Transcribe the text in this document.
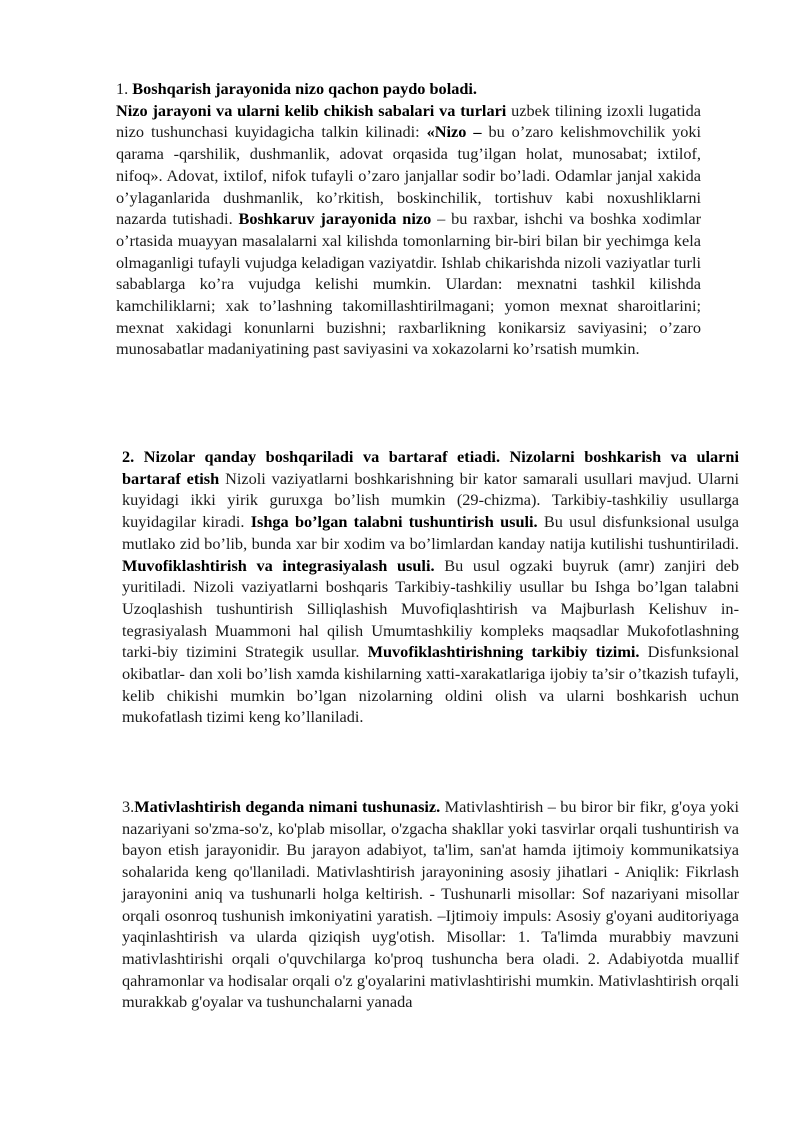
1. Boshqarish jarayonida nizo qachon paydo boladi.
Nizo jarayoni va ularni kelib chikish sabalari va turlari uzbek tilining izoxli lugatida nizo tushunchasi kuyidagicha talkin kilinadi: «Nizo – bu o’zaro kelishmovchilik yoki qarama -qarshilik, dushmanlik, adovat orqasida tug’ilgan holat, munosabat; ixtilof, nifoq». Adovat, ixtilof, nifok tufayli o’zaro janjallar sodir bo’ladi. Odamlar janjal xakida o’ylaganlarida dushmanlik, ko’rkitish, boskinchilik, tortishuv kabi noxushliklarni nazarda tutishadi. Boshkaruv jarayonida nizo – bu raxbar, ishchi va boshka xodimlar o’rtasida muayyan masalalarni xal kilishda tomonlarning bir-biri bilan bir yechimga kela olmaganligi tufayli vujudga keladigan vaziyatdir. Ishlab chikarishda nizoli vaziyatlar turli sabablarga ko’ra vujudga kelishi mumkin. Ulardan: mexnatni tashkil kilishda kamchiliklarni; xak to’lashning takomillashtirilmagani; yomon mexnat sharoitlarini; mexnat xakidagi konunlarni buzishni; raxbarlikning konikarsiz saviyasini; o’zaro munosabatlar madaniyatining past saviyasini va xokazolarni ko’rsatish mumkin.

2. Nizolar qanday boshqariladi va bartaraf etiadi. Nizolarni boshkarish va ularni bartaraf etish Nizoli vaziyatlarni boshkarishning bir kator samarali usullari mavjud. Ularni kuyidagi ikki yirik guruxga bo’lish mumkin (29-chizma). Tarkibiy-tashkiliy usullarga kuyidagilar kiradi. Ishga bo’lgan talabni tushuntirish usuli. Bu usul disfunksional usulga mutlako zid bo’lib, bunda xar bir xodim va bo’limlardan kanday natija kutilishi tushuntiriladi. Muvofiklashtirish va integrasiyalash usuli. Bu usul ogzaki buyruk (amr) zanjiri deb yuritiladi. Nizoli vaziyatlarni boshqaris Tarkibiy-tashkiliy usullar bu Ishga bo’lgan talabni Uzoqlashish tushuntirish Silliqlashish Muvofiqlashtirish va Majburlash Kelishuv in-tegrasiyalash Muammoni hal qilish Umumtashkiliy kompleks maqsadlar Mukofotlashning tarki-biy tizimini Strategik usullar. Muvofiklashtirishning tarkibiy tizimi. Disfunksional okibatlar- dan xoli bo’lish xamda kishilarning xatti-xarakatlariga ijobiy ta’sir o’tkazish tufayli, kelib chikishi mumkin bo’lgan nizolarning oldini olish va ularni boshkarish uchun mukofatlash tizimi keng ko’llaniladi.

3.Mativlashtirish deganda nimani tushunasiz. Mativlashtirish – bu biror bir fikr, g'oya yoki nazariyani so'zma-so'z, ko'plab misollar, o'zgacha shakllar yoki tasvirlar orqali tushuntirish va bayon etish jarayonidir. Bu jarayon adabiyot, ta'lim, san'at hamda ijtimoiy kommunikatsiya sohalarida keng qo'llaniladi. Mativlashtirish jarayonining asosiy jihatlari - Aniqlik: Fikrlash jarayonini aniq va tushunarli holga keltirish. - Tushunarli misollar: Sof nazariyani misollar orqali osonroq tushunish imkoniyatini yaratish. –Ijtimoiy impuls: Asosiy g'oyani auditoriyaga yaqinlashtirish va ularda qiziqish uyg'otish. Misollar: 1. Ta'limda murabbiy mavzuni mativlashtirishi orqali o'quvchilarga ko'proq tushuncha bera oladi. 2. Adabiyotda muallif qahramonlar va hodisalar orqali o'z g'oyalarini mativlashtirishi mumkin. Mativlashtirish orqali murakkab g'oyalar va tushunchalarni yanada
